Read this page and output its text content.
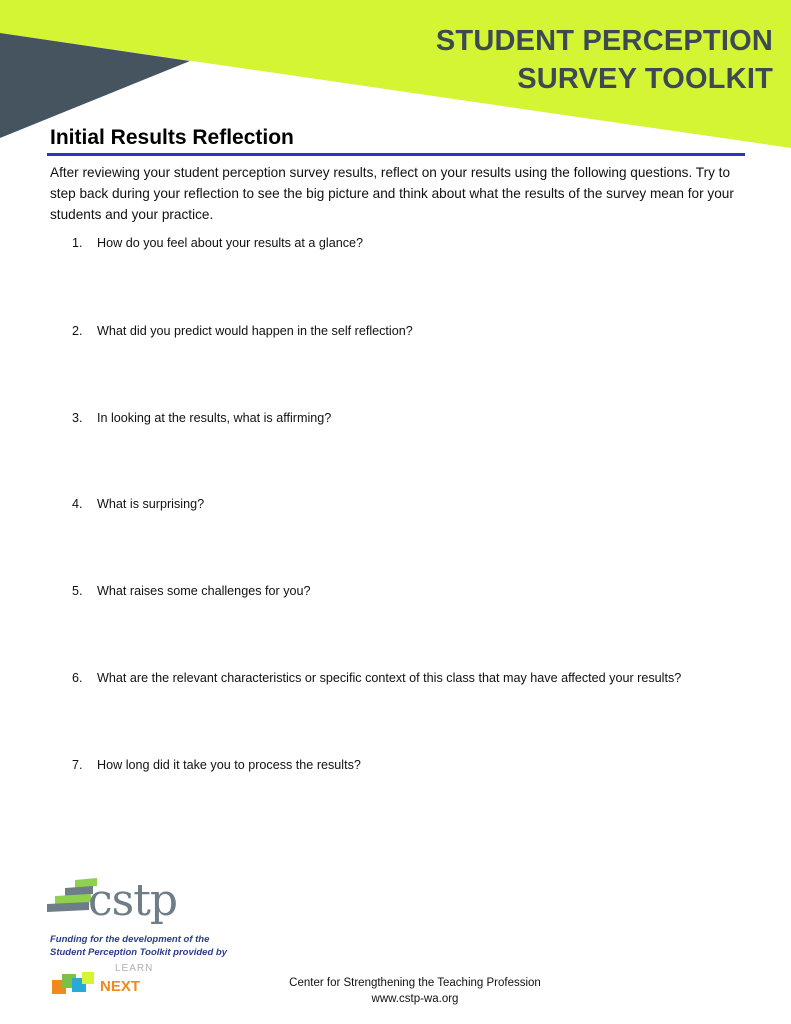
STUDENT PERCEPTION
SURVEY TOOLKIT
Initial Results Reflection
After reviewing your student perception survey results, reflect on your results using the following questions. Try to step back during your reflection to see the big picture and think about what the results of the survey mean for your students and your practice.
1. How do you feel about your results at a glance?
2. What did you predict would happen in the self reflection?
3. In looking at the results, what is affirming?
4. What is surprising?
5. What raises some challenges for you?
6. What are the relevant characteristics or specific context of this class that may have affected your results?
7. How long did it take you to process the results?
cstp
Funding for the development of the
Student Perception Toolkit provided by
LEARN
NEXT	Center for Strengthening the Teaching Profession
www.cstp-wa.org
